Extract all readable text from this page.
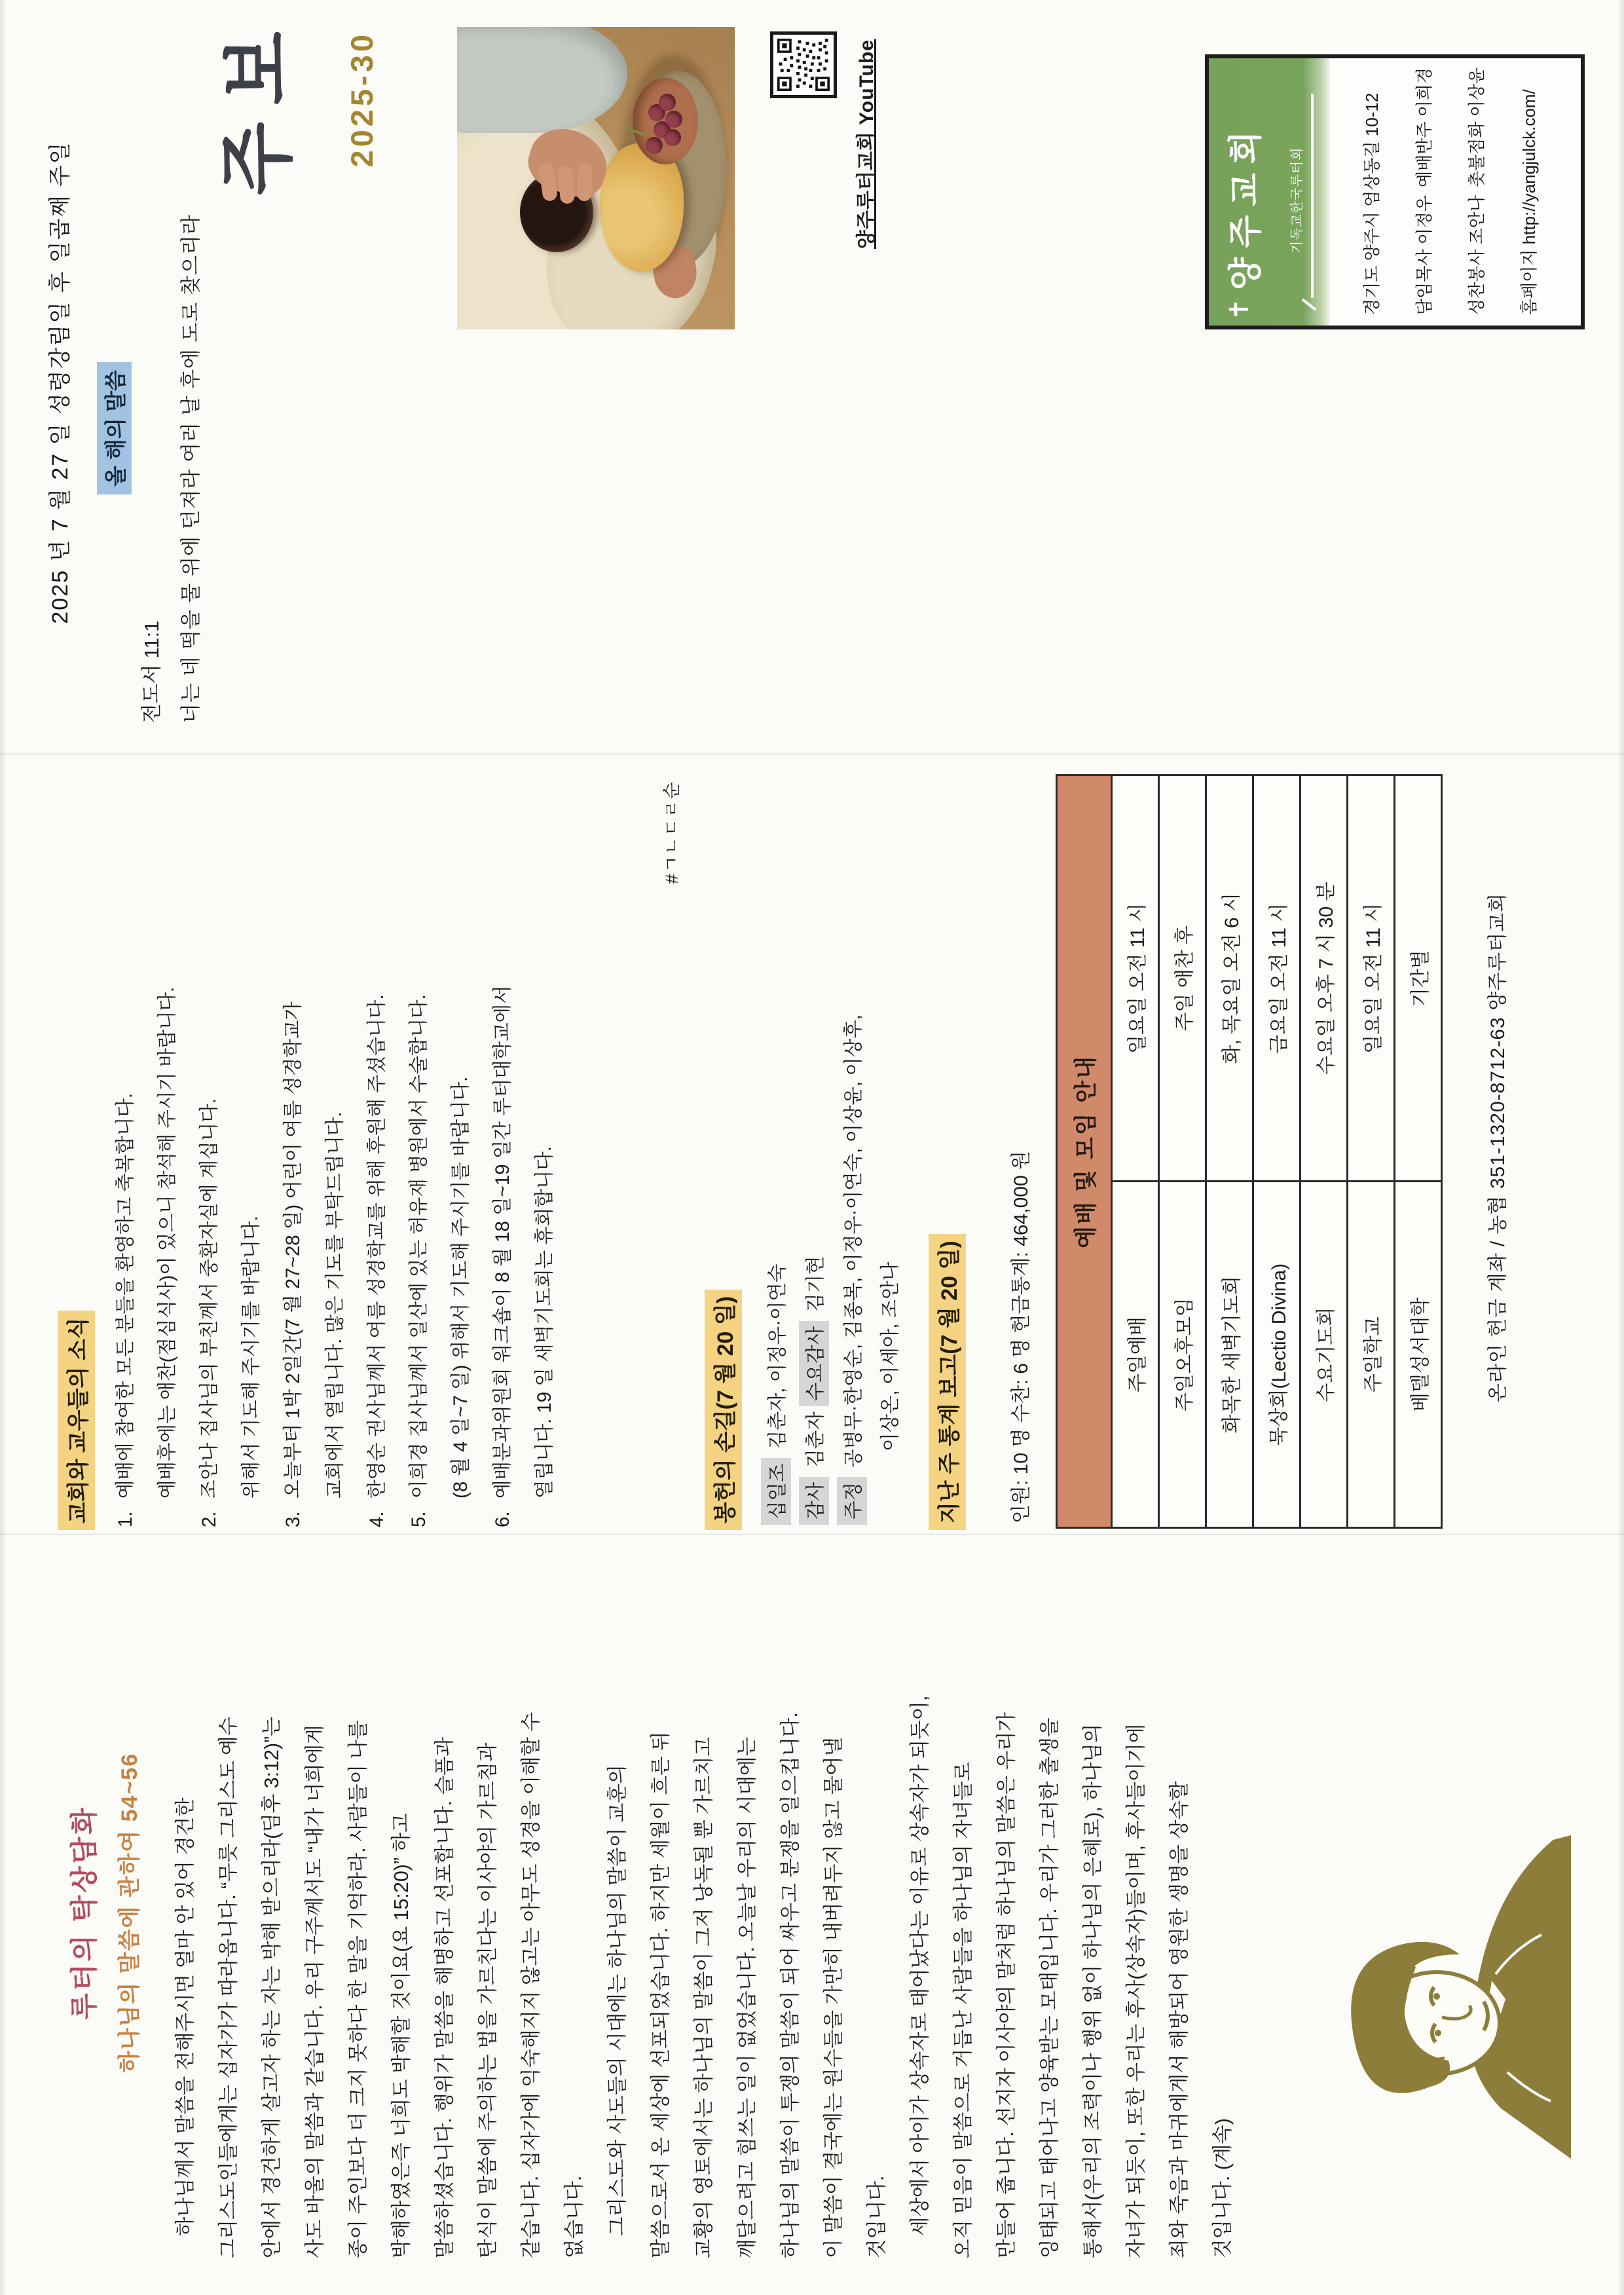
루터의 탁상담화 하나님의 말씀에 관하여 54~56 하나님께서 말씀을 전해주시면 얼마 안 있어 경건한	그리스도인들에게는 십자가가 따라옵니다. “무릇 그리스도 예수	안에서 경건하게 살고자 하는 자는 박해 받으리라(딤후 3:12)”는	사도 바울의 말씀과 같습니다. 우리 구주께서도 “내가 너희에게	종이 주인보다 더 크지 못하다 한 말을 기억하라. 사람들이 나를	박해하였은즉 너희도 박해할 것이요(요 15:20)” 하고	말씀하셨습니다. 행위가 말씀을 해명하고 선포합니다. 슬픔과	탄식이 말씀에 주의하는 법을 가르친다는 이사야의 가르침과	같습니다. 십자가에 익숙해지지 않고는 아무도 성경을 이해할 수	없습니다.	그리스도와 사도들의 시대에는 하나님의 말씀이 교훈의	말씀으로서 온 세상에 선포되었습니다. 하지만 세월이 흐른 뒤	교황의 영토에서는 하나님의 말씀이 그저 낭독될 뿐 가르치고	깨달으려고 힘쓰는 일이 없었습니다. 오늘날 우리의 시대에는	하나님의 말씀이 투쟁의 말씀이 되어 싸우고 분쟁을 일으킵니다.	이 말씀이 결국에는 원수들을 가만히 내버려두지 않고 물어낼	것입니다.	세상에서 아이가 상속자로 태어났다는 이유로 상속자가 되듯이,	오직 믿음이 말씀으로 거듭난 사람들을 하나님의 자녀들로	만들어 줍니다. 선지자 이사야의 말처럼 하나님의 말씀은 우리가	잉태되고 태어나고 양육받는 모태입니다. 우리가 그러한 출생을	통해서(우리의 조력이나 행위 없이 하나님의 은혜로), 하나님의	자녀가 되듯이, 또한 우리는 후사(상속자)들이며, 후사들이기에	죄와 죽음과 마귀에게서 해방되어 영원한 생명을 상속할	것입니다. (계속)
교회와 교우들의 소식 1.예배에 참여한 모든 분들을 환영하고 축복합니다.	예배후에는 애찬(점심식사)이 있으니 참석해 주시기 바랍니다.
2.조안나 집사님의 부친께서 중환자실에 계십니다.	위해서 기도해 주시기를 바랍니다.
3.오늘부터 1박 2일간(7 월 27~28 일) 어린이 여름 성경학교가	교회에서 열립니다. 많은 기도를 부탁드립니다.
4.한영순 권사님께서 여름 성경학교를 위해 후원해 주셨습니다.
5.이희경 집사님께서 일산에 있는 허유재 병원에서 수술합니다.	(8 월 4 일~7 일) 위해서 기도해 주시기를 바랍니다.
6.예배분과위원회 워크숍이 8 월 18 일~19 일간 루터대학교에서	열립니다. 19 일 새벽기도회는 휴회합니다.
#ㄱㄴㄷㄹ순
봉헌의 손길(7 월 20 일)	십일조 김춘자, 이정우·이연숙
감사 김춘자 수요감사 김기현
주정 공병무·한영순, 김종복, 이정우·이연숙, 이상윤, 이상후, 이상온, 이세아, 조안나	지난 주 통계 보고(7 월 20 일)	인원: 10 명 수찬: 6 명 헌금통계: 464,000 원 예배 및 모임 안내	
주일예배	일요일 오전 11 시
주일오후모임	주일 애찬 후
화목한 새벽기도회	화, 목요일 오전 6 시
묵상회(Lectio Divina)	금요일 오전 11 시
수요기도회	수요일 오후 7 시 30 분
주일학교	일요일 오전 11 시
베델성서대학	기간별	온라인 헌금 계좌 / 농협 351-1320-8712-63 양주루터교회
2025 년 7 월 27 일 성령강림일 후 일곱째 주일	올 해의 말씀
전도서 11:1 너는 네 떡을 물 위에 던져라 여러 날 후에 도로 찾으리라
주보 2025-30	양주루터교회 YouTube
✝
양주교회	기독교한국루터회	경기도 양주시 엄상동길 10-12	담임목사 이정우
예배반주 이희경
성찬봉사 조안나
촛불점화 이상윤	홈페이지 http://yangjulck.com/
